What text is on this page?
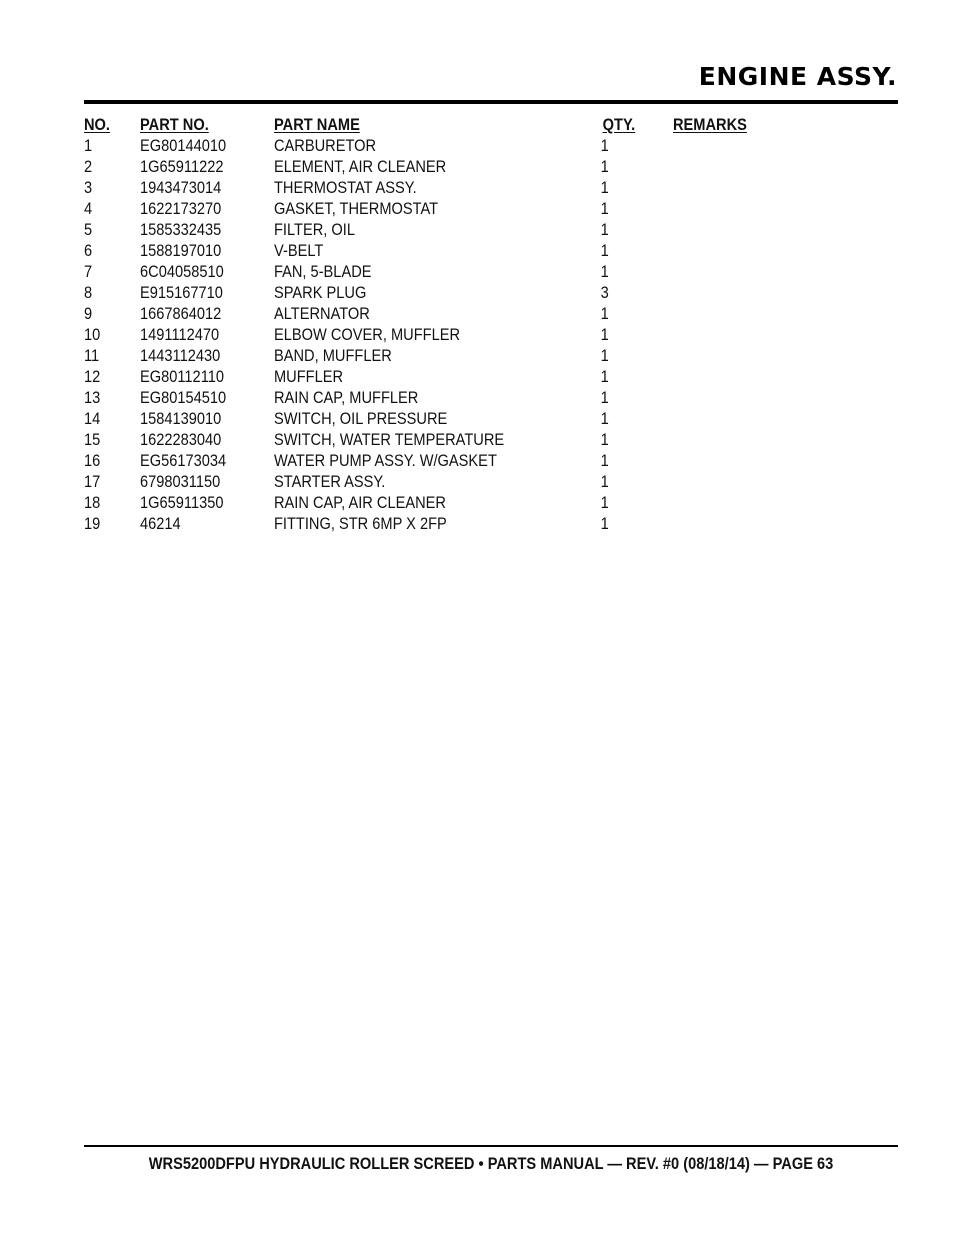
ENGINE ASSY.
NO. PART NO.	PART NAME	QTY. REMARKS
1	EG80144010	CARBURETOR	1
2	1G65911222	ELEMENT, AIR CLEANER	1
3	1943473014	THERMOSTAT ASSY.	1
4	1622173270	GASKET, THERMOSTAT	1
5	1585332435	FILTER, OIL	1
6	1588197010	V-BELT	1
7	6C04058510	FAN, 5-BLADE	1
8	E915167710	SPARK PLUG	3
9	1667864012	ALTERNATOR	1
10 1491112470	ELBOW COVER, MUFFLER	1
11 1443112430	BAND, MUFFLER	1
12 EG80112110	MUFFLER	1
13 EG80154510	RAIN CAP, MUFFLER	1
14 1584139010	SWITCH, OIL PRESSURE	1
15 1622283040	SWITCH, WATER TEMPERATURE	1
16 EG56173034	WATER PUMP ASSY. W/GASKET	1
17 6798031150	STARTER ASSY.	1
18 1G65911350	RAIN CAP, AIR CLEANER	1
19 46214	FITTING, STR 6MP X 2FP	1
WRS5200DFPU HYDRAULIC ROLLER SCREED • PARTS MANUAL — REV. #0 (08/18/14) — PAGE 63
